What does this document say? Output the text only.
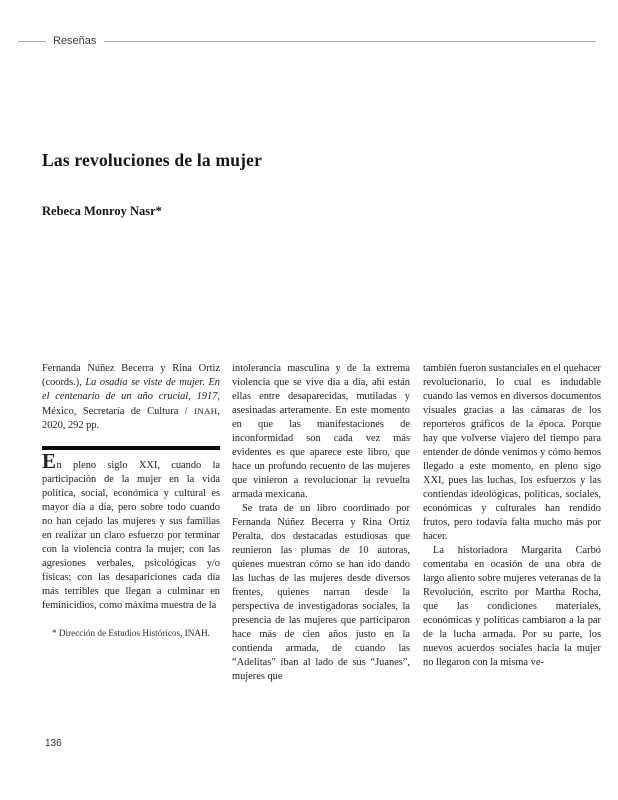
Reseñas
Las revoluciones de la mujer
Rebeca Monroy Nasr*

Fernanda Núñez Becerra y Rina Ortiz (coords.), La osadía se viste de mujer. En el centenario de un año crucial, 1917, México, Secretaría de Cultura / INAH, 2020, 292 pp.

En pleno siglo XXI, cuando la participación de la mujer en la vida política, social, económica y cultural es mayor día a día, pero sobre todo cuando no han cejado las mujeres y sus familias en realizar un claro esfuerzo por terminar con la violencia contra la mujer; con las agresiones verbales, psicológicas y/o físicas; con las desapariciones cada día más terribles que llegan a culminar en feminicidios, como máxima muestra de la

* Dirección de Estudios Históricos, INAH.

intolerancia masculina y de la extrema violencia que se vive día a día, ahí están ellas entre desaparecidas, mutiladas y asesinadas arteramente. En este momento en que las manifestaciones de inconformidad son cada vez más evidentes es que aparece este libro, que hace un profundo recuento de las mujeres que vinieron a revolucionar la revuelta armada mexicana.

Se trata de un libro coordinado por Fernanda Núñez Becerra y Rina Ortiz Peralta, dos destacadas estudiosas que reunieron las plumas de 10 autoras, quienes muestran cómo se han ido dando las luchas de las mujeres desde diversos frentes, quienes narran desde la perspectiva de investigadoras sociales, la presencia de las mujeres que participaron hace más de cien años justo en la contienda armada, de cuando las “Adelitas” iban al lado de sus “Juanes”, mujeres que

también fueron sustanciales en el quehacer revolucionario, lo cual es indudable cuando las vemos en diversos documentos visuales gracias a las cámaras de los reporteros gráficos de la época. Porque hay que volverse viajero del tiempo para entender de dónde venimos y cómo hemos llegado a este momento, en pleno sigo XXI, pues las luchas, los esfuerzos y las contiendas ideológicas, políticas, sociales, económicas y culturales han rendido frutos, pero todavía falta mucho más por hacer.

La historiadora Margarita Carbó comentaba en ocasión de una obra de largo aliento sobre mujeres veteranas de la Revolución, escrito por Martha Rocha, que las condiciones materiales, económicas y políticas cambiaron a la par de la lucha armada. Por su parte, los nuevos acuerdos sociales hacia la mujer no llegaron con la misma ve-

136
